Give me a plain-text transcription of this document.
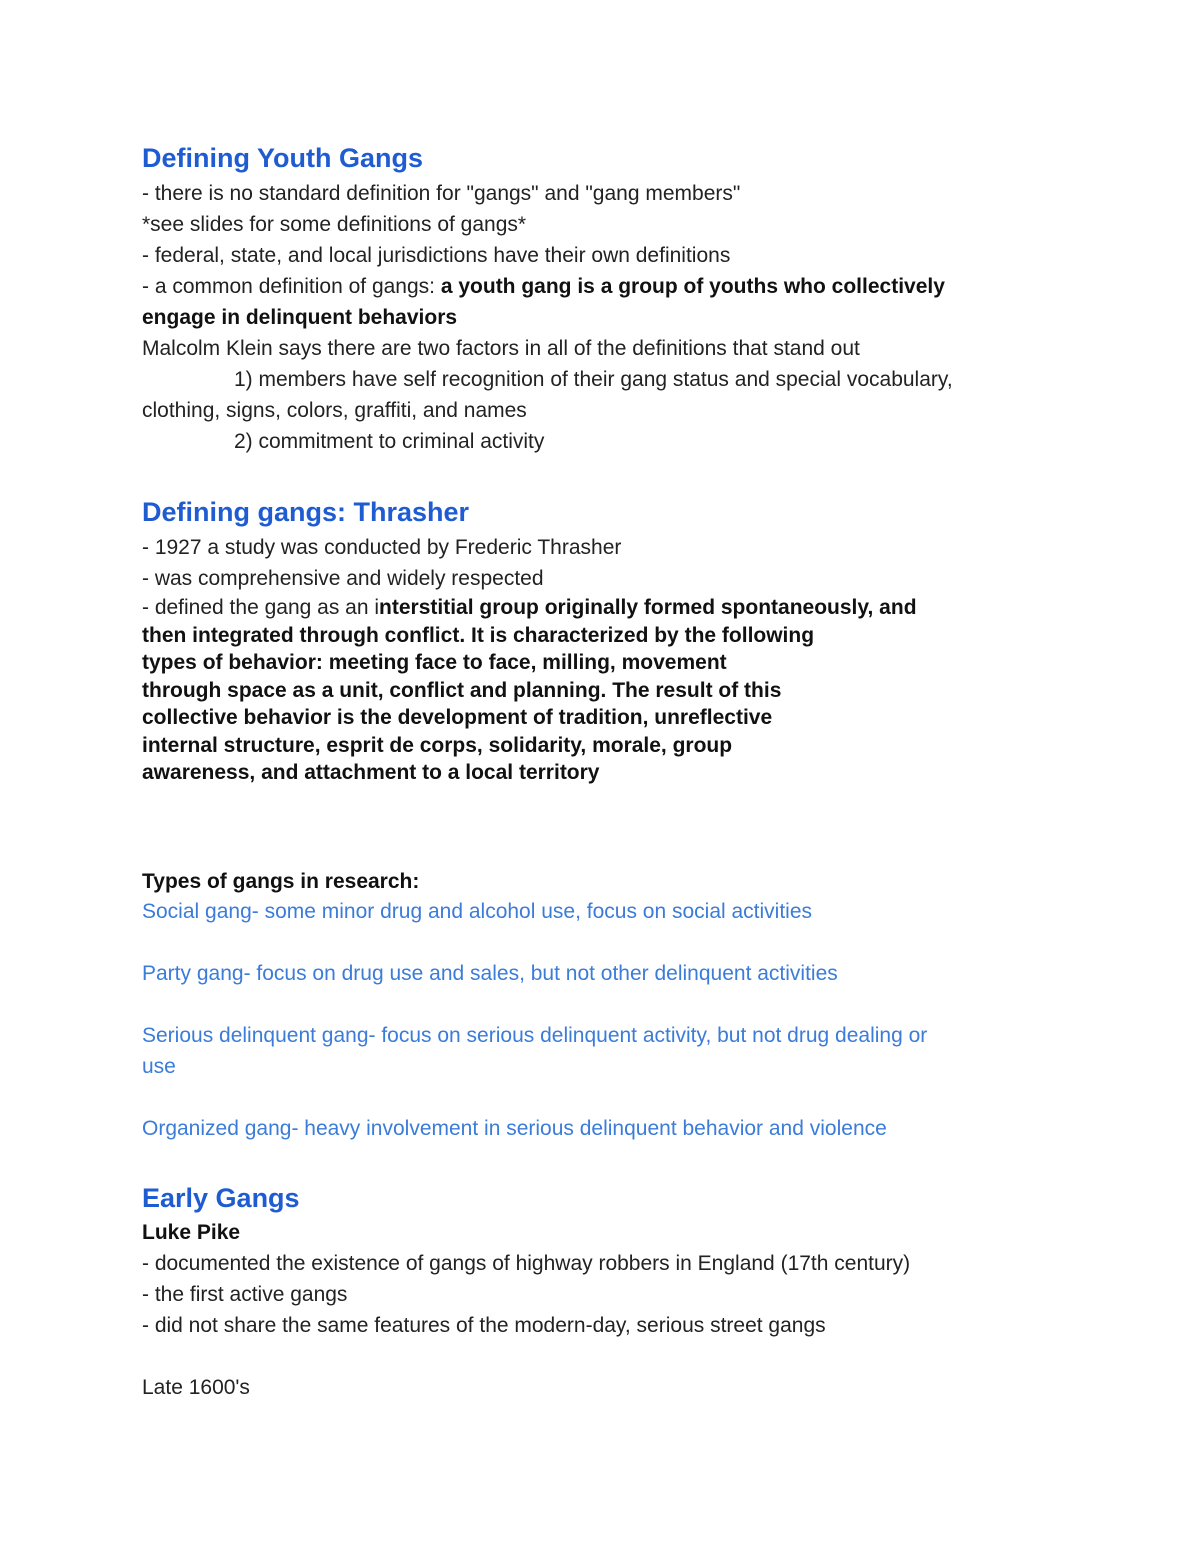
Defining Youth Gangs

- there is no standard definition for "gangs" and "gang members"

*see slides for some definitions of gangs*

- federal, state, and local jurisdictions have their own definitions

- a common definition of gangs: a youth gang is a group of youths who collectively

engage in delinquent behaviors

Malcolm Klein says there are two factors in all of the definitions that stand out

1) members have self recognition of their gang status and special vocabulary,

clothing, signs, colors, graffiti, and names

2) commitment to criminal activity

Defining gangs: Thrasher

- 1927 a study was conducted by Frederic Thrasher

- was comprehensive and widely respected

- defined the gang as an interstitial group originally formed spontaneously, and

then integrated through conflict. It is characterized by the following

types of behavior: meeting face to face, milling, movement

through space as a unit, conflict and planning. The result of this

collective behavior is the development of tradition, unreflective

internal structure, esprit de corps, solidarity, morale, group

awareness, and attachment to a local territory

Types of gangs in research:

Social gang- some minor drug and alcohol use, focus on social activities

Party gang- focus on drug use and sales, but not other delinquent activities

Serious delinquent gang- focus on serious delinquent activity, but not drug dealing or

use

Organized gang- heavy involvement in serious delinquent behavior and violence

Early Gangs

Luke Pike

- documented the existence of gangs of highway robbers in England (17th century)

- the first active gangs

- did not share the same features of the modern-day, serious street gangs

Late 1600's
